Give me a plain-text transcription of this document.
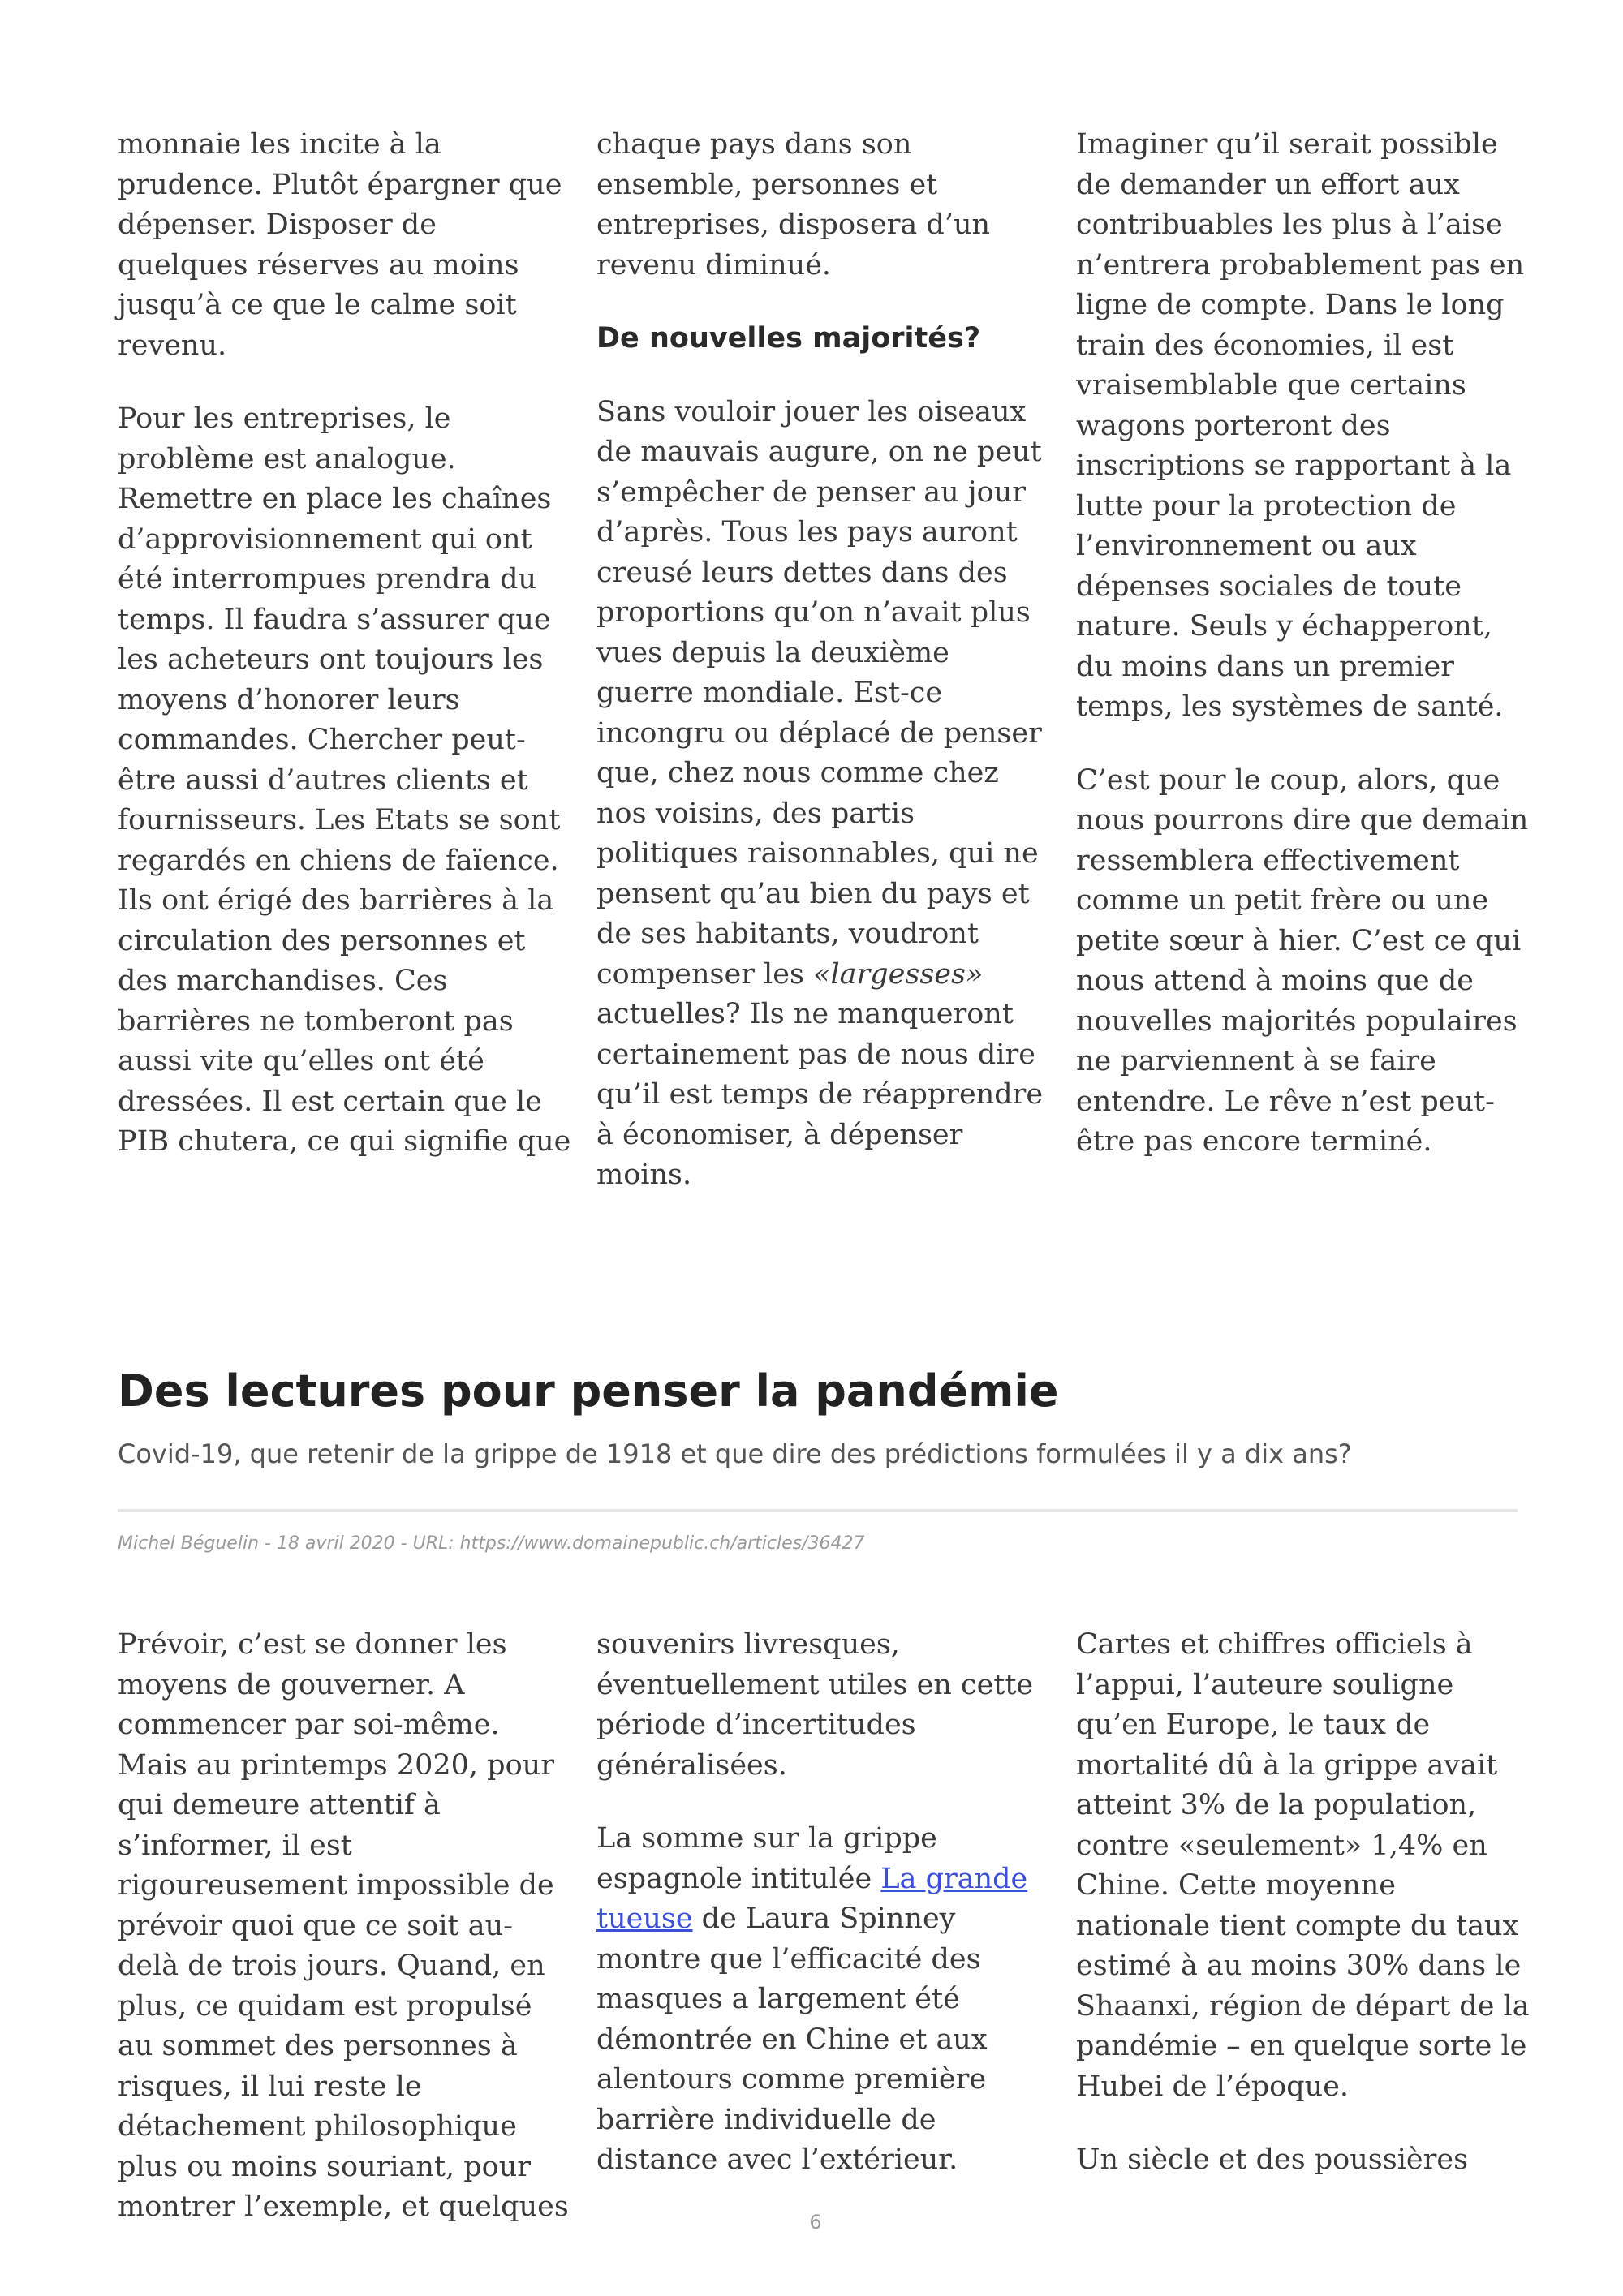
monnaie les incite à la prudence. Plutôt épargner que dépenser. Disposer de quelques réserves au moins jusqu’à ce que le calme soit revenu.

Pour les entreprises, le problème est analogue. Remettre en place les chaînes d’approvisionnement qui ont été interrompues prendra du temps. Il faudra s’assurer que les acheteurs ont toujours les moyens d’honorer leurs commandes. Chercher peut-être aussi d’autres clients et fournisseurs. Les Etats se sont regardés en chiens de faïence. Ils ont érigé des barrières à la circulation des personnes et des marchandises. Ces barrières ne tomberont pas aussi vite qu’elles ont été dressées. Il est certain que le PIB chutera, ce qui signifie que

chaque pays dans son ensemble, personnes et entreprises, disposera d’un revenu diminué.

De nouvelles majorités?

Sans vouloir jouer les oiseaux de mauvais augure, on ne peut s’empêcher de penser au jour d’après. Tous les pays auront creusé leurs dettes dans des proportions qu’on n’avait plus vues depuis la deuxième guerre mondiale. Est-ce incongru ou déplacé de penser que, chez nous comme chez nos voisins, des partis politiques raisonnables, qui ne pensent qu’au bien du pays et de ses habitants, voudront compenser les «largesses» actuelles? Ils ne manqueront certainement pas de nous dire qu’il est temps de réapprendre à économiser, à dépenser moins.

Imaginer qu’il serait possible de demander un effort aux contribuables les plus à l’aise n’entrera probablement pas en ligne de compte. Dans le long train des économies, il est vraisemblable que certains wagons porteront des inscriptions se rapportant à la lutte pour la protection de l’environnement ou aux dépenses sociales de toute nature. Seuls y échapperont, du moins dans un premier temps, les systèmes de santé.

C’est pour le coup, alors, que nous pourrons dire que demain ressemblera effectivement comme un petit frère ou une petite sœur à hier. C’est ce qui nous attend à moins que de nouvelles majorités populaires ne parviennent à se faire entendre. Le rêve n’est peut-être pas encore terminé.

Des lectures pour penser la pandémie
Covid-19, que retenir de la grippe de 1918 et que dire des prédictions formulées il y a dix ans?
Michel Béguelin - 18 avril 2020 - URL: https://www.domainepublic.ch/articles/36427

Prévoir, c’est se donner les moyens de gouverner. A commencer par soi-même. Mais au printemps 2020, pour qui demeure attentif à s’informer, il est rigoureusement impossible de prévoir quoi que ce soit au-delà de trois jours. Quand, en plus, ce quidam est propulsé au sommet des personnes à risques, il lui reste le détachement philosophique plus ou moins souriant, pour montrer l’exemple, et quelques

souvenirs livresques, éventuellement utiles en cette période d’incertitudes généralisées.

La somme sur la grippe espagnole intitulée La grande tueuse de Laura Spinney montre que l’efficacité des masques a largement été démontrée en Chine et aux alentours comme première barrière individuelle de distance avec l’extérieur.

Cartes et chiffres officiels à l’appui, l’auteure souligne qu’en Europe, le taux de mortalité dû à la grippe avait atteint 3% de la population, contre «seulement» 1,4% en Chine. Cette moyenne nationale tient compte du taux estimé à au moins 30% dans le Shaanxi, région de départ de la pandémie – en quelque sorte le Hubei de l’époque.

Un siècle et des poussières

6
